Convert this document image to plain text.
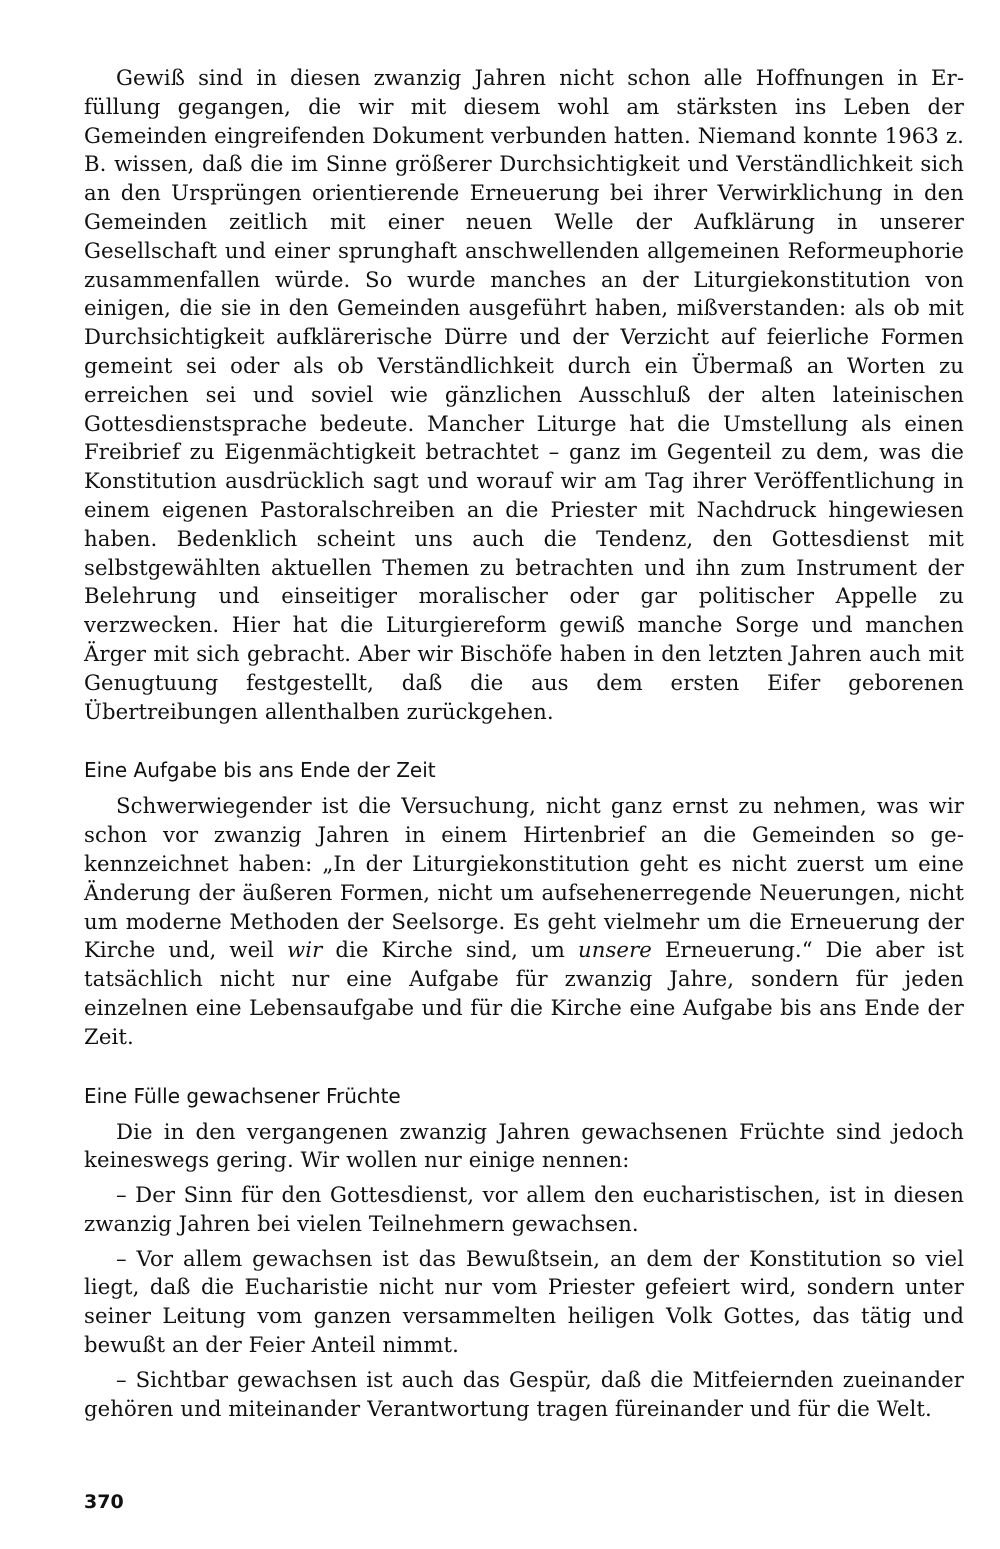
Gewiß sind in diesen zwanzig Jahren nicht schon alle Hoffnungen in Erfüllung gegangen, die wir mit diesem wohl am stärksten ins Leben der Gemeinden eingreifenden Dokument verbunden hatten. Niemand konnte 1963 z. B. wissen, daß die im Sinne größerer Durchsichtigkeit und Verständlichkeit sich an den Ursprüngen orientierende Erneuerung bei ihrer Verwirklichung in den Gemeinden zeitlich mit einer neuen Welle der Aufklärung in unserer Gesellschaft und einer sprunghaft anschwellenden allgemeinen Reformeuphorie zusammenfallen würde. So wurde manches an der Liturgiekonstitution von einigen, die sie in den Gemeinden ausgeführt haben, mißverstanden: als ob mit Durchsichtigkeit aufklärerische Dürre und der Verzicht auf feierliche Formen gemeint sei oder als ob Verständlichkeit durch ein Übermaß an Worten zu erreichen sei und soviel wie gänzlichen Ausschluß der alten lateinischen Gottesdienstsprache bedeute. Mancher Liturge hat die Umstellung als einen Freibrief zu Eigenmächtigkeit betrachtet – ganz im Gegenteil zu dem, was die Konstitution ausdrücklich sagt und worauf wir am Tag ihrer Veröffentlichung in einem eigenen Pastoralschreiben an die Priester mit Nachdruck hingewiesen haben. Bedenklich scheint uns auch die Tendenz, den Gottesdienst mit selbstgewählten aktuellen Themen zu betrachten und ihn zum Instrument der Belehrung und einseitiger moralischer oder gar politischer Appelle zu verzwecken. Hier hat die Liturgiereform gewiß manche Sorge und manchen Ärger mit sich gebracht. Aber wir Bischöfe haben in den letzten Jahren auch mit Genugtuung festgestellt, daß die aus dem ersten Eifer geborenen Übertreibungen allenthalben zurückgehen.

Eine Aufgabe bis ans Ende der Zeit

Schwerwiegender ist die Versuchung, nicht ganz ernst zu nehmen, was wir schon vor zwanzig Jahren in einem Hirtenbrief an die Gemeinden so gekennzeichnet haben: „In der Liturgiekonstitution geht es nicht zuerst um eine Änderung der äußeren Formen, nicht um aufsehenerregende Neuerungen, nicht um moderne Methoden der Seelsorge. Es geht vielmehr um die Erneuerung der Kirche und, weil wir die Kirche sind, um unsere Erneuerung.“ Die aber ist tatsächlich nicht nur eine Aufgabe für zwanzig Jahre, sondern für jeden einzelnen eine Lebensaufgabe und für die Kirche eine Aufgabe bis ans Ende der Zeit.

Eine Fülle gewachsener Früchte

Die in den vergangenen zwanzig Jahren gewachsenen Früchte sind jedoch keineswegs gering. Wir wollen nur einige nennen:

– Der Sinn für den Gottesdienst, vor allem den eucharistischen, ist in diesen zwanzig Jahren bei vielen Teilnehmern gewachsen.

– Vor allem gewachsen ist das Bewußtsein, an dem der Konstitution so viel liegt, daß die Eucharistie nicht nur vom Priester gefeiert wird, sondern unter seiner Leitung vom ganzen versammelten heiligen Volk Gottes, das tätig und bewußt an der Feier Anteil nimmt.

– Sichtbar gewachsen ist auch das Gespür, daß die Mitfeiernden zueinander gehören und miteinander Verantwortung tragen füreinander und für die Welt.

370
